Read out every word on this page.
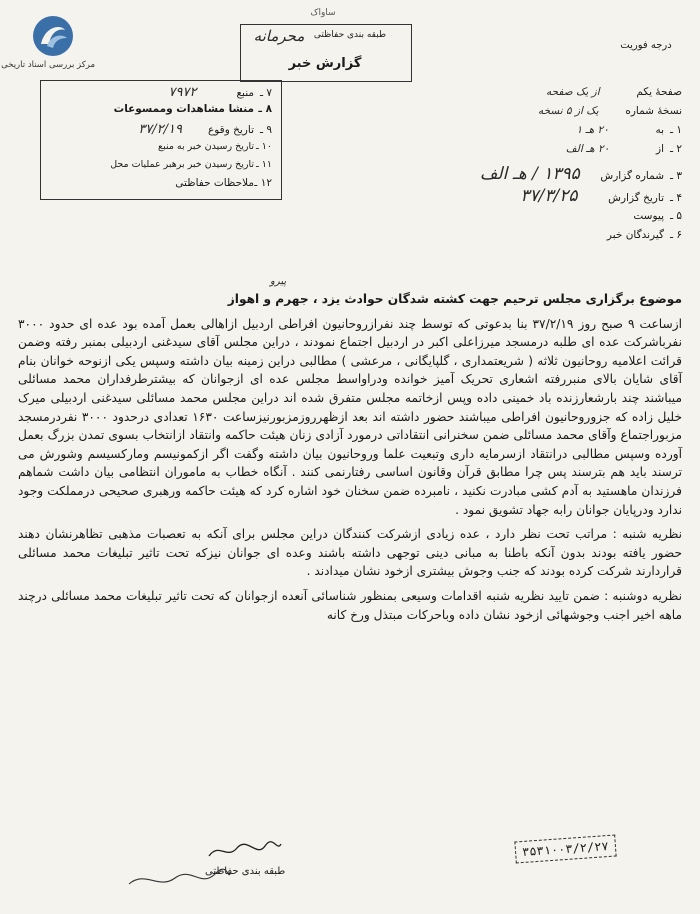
مرکز بررسی اسناد تاریخی
ساواک
طبقه بندی حفاظتی
محرمانه
گزارش خبر
درجه فوریت
۷ ـمنبع۷۹۷۲
۸ ـمنشا مشاهدات وممسوعات
۹ ـتاریخ وقوع۳۷/۲/۱۹
۱۰ ـتاریخ رسیدن خبر به منبع
۱۱ ـتاریخ رسیدن خبر برهبر عملیات محل
۱۲ ـملاحظات حفاظتی
صفحهٔ یکم  از یک صفحه
نسخهٔ شماره  یک از ۵ نسخه
۱ ـبه  ۲۰ هـ ۱
۲ ـاز  ۲۰ هـ الف
۳ ـشماره گزارش  ۱۳۹۵ / هـ الف
۴ ـتاریخ گزارش  ۳۷/۳/۲۵
۵ ـپیوست
۶ ـگیرندگان خبر
پیرو

موضوع برگزاری مجلس ترحیم جهت کشته شدگان حوادث یزد ، جهرم و اهواز

ازساعت ۹ صبح روز ۳۷/۲/۱۹ بنا بدعوتی که توسط چند نفرازروحانیون افراطی اردبیل ازاهالی بعمل آمده بود عده ای حدود ۳۰۰۰ نفرباشرکت عده ای طلبه درمسجد میرزاعلی اکبر در اردبیل اجتماع نمودند ، دراین مجلس آقای سیدغنی اردبیلی بمنبر رفته وضمن قرائت اعلامیه روحانیون ثلاثه ( شریعتمداری ، گلپایگانی ، مرعشی ) مطالبی دراین زمینه بیان داشته وسپس یکی ازنوحه خوانان بنام آقای شایان بالای منبررفته اشعاری تحریک آمیز خوانده ودراواسط مجلس عده ای ازجوانان که بیشترطرفداران محمد مسائلی میباشند چند بارشعارزنده باد خمینی داده وپس ازخاتمه مجلس متفرق شده اند دراین مجلس محمد مسائلی سیدغنی اردبیلی میرک خلیل زاده که جزوروحانیون افراطی میباشند حضور داشته اند بعد ازظهرروزمزبورنیزساعت ۱۶۳۰ تعدادی درحدود ۳۰۰۰ نفردرمسجد مزبوراجتماع وآقای محمد مسائلی ضمن سخنرانی انتقاداتی درمورد آزادی زنان هیئت حاکمه وانتقاد ازانتخاب بسوی تمدن بزرگ بعمل آورده وسپس مطالبی درانتقاد ازسرمایه داری وتبعیت علما وروحانیون بیان داشته وگفت اگر ازکمونیسم ومارکسیسم وشورش می ترسند باید هم بترسند پس چرا مطابق قرآن وقانون اساسی رفتارنمی کنند . آنگاه خطاب به ماموران انتظامی بیان داشت شماهم فرزندان ماهستید به آدم کشی مبادرت نکنید ، نامبرده ضمن سخنان خود اشاره کرد که هیئت حاکمه ورهبری صحیحی درمملکت وجود ندارد ودرپایان جوانان رابه جهاد تشویق نمود .

نظریه شنبه : مراتب تحت نظر دارد ، عده زیادی ازشرکت کنندگان دراین مجلس برای آنکه به تعصبات مذهبی تظاهرنشان دهند حضور یافته بودند بدون آنکه باطنا به مبانی دینی توجهی داشته باشند وعده ای جوانان نیزکه تحت تاثیر تبلیغات محمد مسائلی قراردارند شرکت کرده بودند که جنب وجوش بیشتری ازخود نشان میدادند .

نظریه دوشنبه : ضمن تایید نظریه شنبه اقدامات وسیعی بمنظور شناسائی آنعده ازجوانان که تحت تاثیر تبلیغات محمد مسائلی درچند ماهه اخیر اجنب وجوشهائی ازخود نشان داده وباحرکات مبتذل ورخ کانه

طبقه بندی حفاظتی
۳۵۳۱۰۰۳/۲/۲۷
